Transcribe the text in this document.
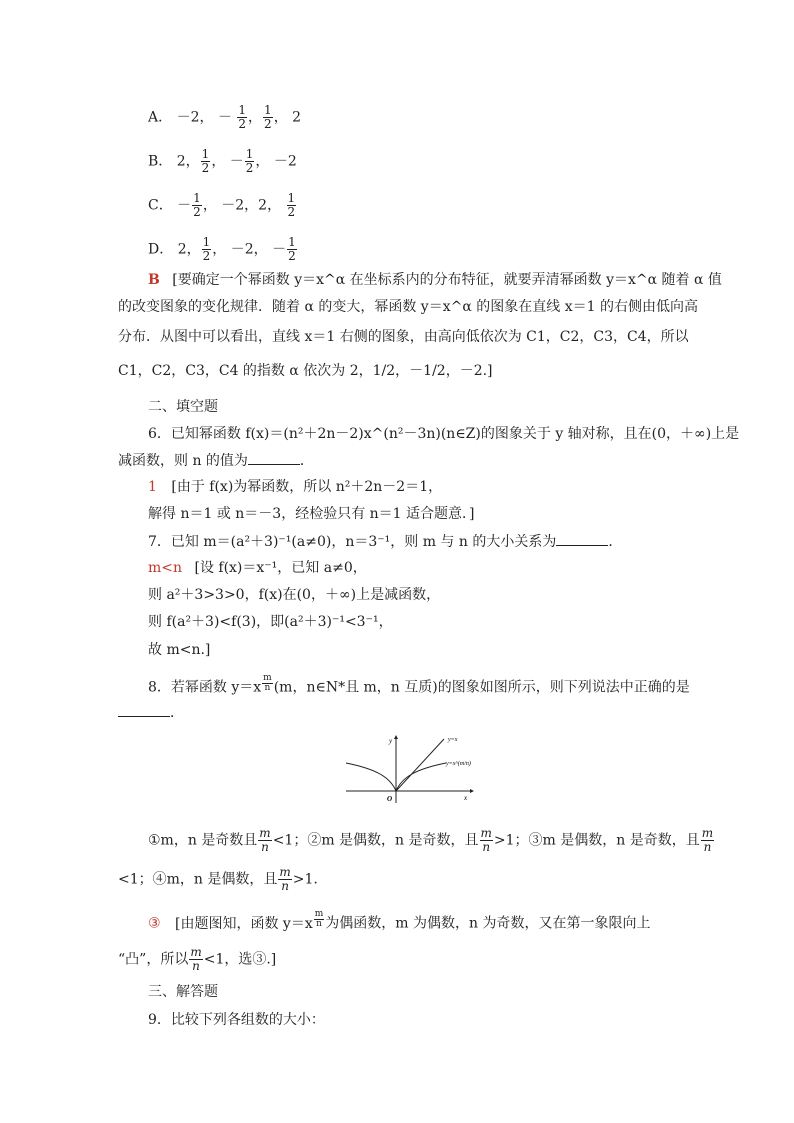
A． －2， － $\frac{1}{2}$ ， $\frac{1}{2}$ ， 2
B． 2， $\frac{1}{2}$ ， － $\frac{1}{2}$ ， －2
C． － $\frac{1}{2}$ ， －2，2， $\frac{1}{2}$
D． 2， $\frac{1}{2}$ ， －2， － $\frac{1}{2}$
B [要确定一个幂函数 y＝x^α 在坐标系内的分布特征，就要弄清幂函数 y＝x^α 随着 α 值
的改变图象的变化规律．随着 α 的变大，幂函数 y＝x^α 的图象在直线 x＝1 的右侧由低向高
分布．从图中可以看出，直线 x＝1 右侧的图象，由高向低依次为 C1，C2，C3，C4，所以
C1，C2，C3，C4 的指数 α 依次为 2，1/2，－1/2，－2.]
二、填空题
6．已知幂函数 f(x)＝(n²＋2n－2)x^(n²－3n)(n∈Z)的图象关于 y 轴对称，且在(0，＋∞)上是
减函数，则 n 的值为	．
1 [由于 f(x)为幂函数，所以 n²＋2n－2＝1，
解得 n＝1 或 n＝－3，经检验只有 n＝1 适合题意．]
7．已知 m＝(a²＋3)⁻¹(a≠0)，n＝3⁻¹，则 m 与 n 的大小关系为	．
m<n [设 f(x)＝x⁻¹，已知 a≠0，
则 a²＋3>3>0，f(x)在(0，＋∞)上是减函数，
则 f(a²＋3)<f(3)，即(a²＋3)⁻¹<3⁻¹，
故 m<n.]
8．若幂函数 y＝x $^{\frac{m}{n}}$ (m，n∈N*且 m，n 互质)的图象如图所示，则下列说法中正确的是
．
y
x
O
y=x
y=x^(m/n)
①m，n 是奇数且 $\frac{m}{n} <1$；②m 是偶数，n 是奇数，且 $\frac{m}{n} >1$；③m 是偶数，n 是奇数，且 $\frac{m}{n}$
<1；④m，n 是偶数，且 $\frac{m}{n} >1$.
③ [由题图知，函数 y＝x $^{\frac{m}{n}}$ 为偶函数，m 为偶数，n 为奇数，又在第一象限向上
“凸”，所以 $\frac{m}{n} <1$，选③.]
三、解答题
9．比较下列各组数的大小：
